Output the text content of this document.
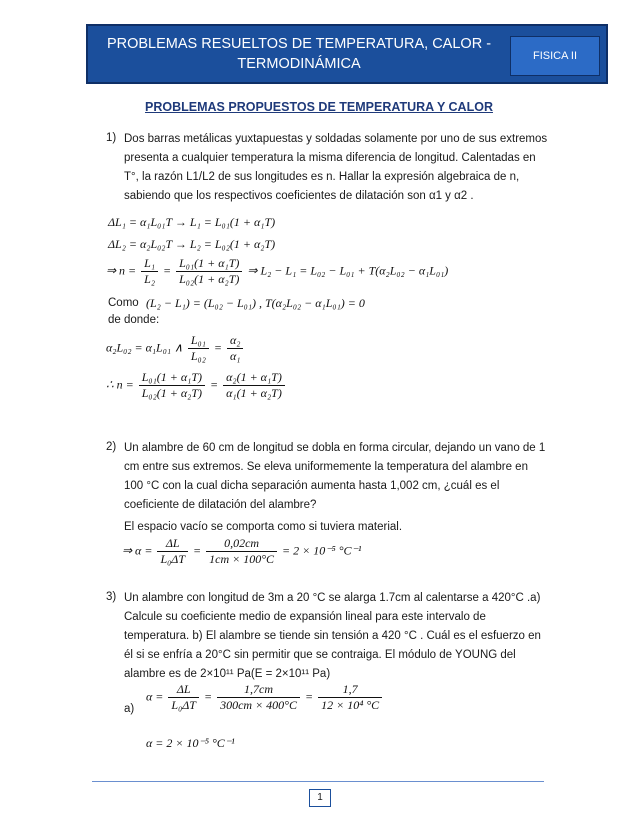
PROBLEMAS RESUELTOS DE TEMPERATURA, CALOR - TERMODINÁMICA	FISICA II
PROBLEMAS PROPUESTOS DE TEMPERATURA Y CALOR
1) Dos barras metálicas yuxtapuestas y soldadas solamente por uno de sus extremos presenta a cualquier temperatura la misma diferencia de longitud. Calentadas en T°, la razón L1/L2 de sus longitudes es n. Hallar la expresión algebraica de n, sabiendo que los respectivos coeficientes de dilatación son α1 y α2 .
ΔL₁ = α₁L₀₁T → L₁ = L₀₁(1 + α₁T)
ΔL₂ = α₂L₀₂T → L₂ = L₀₂(1 + α₂T)
⇒ $n = \frac{\text{L₁}}{\text{L₂}} = \frac{\text{L₀₁(1 + α₁T)}}{\text{L₀₂(1 + α₂T)}}$ ⇒ L₂ − L₁ = L₀₂ − L₀₁ + T(α₂L₀₂ − α₁L₀₁)
Como (L₂ − L₁) = (L₀₂ − L₀₁) , T(α₂L₀₂ − α₁L₀₁) = 0
de donde:
α₂L₀₂ = α₁L₀₁ ∧ $\frac{\text{L₀₁}}{\text{L₀₂}} = \frac{\text{α₂}}{\text{α₁}}$
∴ $n = \frac{\text{L₀₁(1 + α₁T)}}{\text{L₀₂(1 + α₂T)}} = \frac{\text{α₂(1 + α₁T)}}{\text{α₁(1 + α₂T)}}$
2) Un alambre de 60 cm de longitud se dobla en forma circular, dejando un vano de 1 cm entre sus extremos. Se eleva uniformemente la temperatura del alambre en 100 °C con la cual dicha separación aumenta hasta 1,002 cm, ¿cuál es el coeficiente de dilatación del alambre?
El espacio vacío se comporta como si tuviera material.
⇒ $\alpha = \frac{\Delta L}{\text{L₀ΔT}} = \frac{0,02cm}{1cm \times 100^\circ C} = 2 \times 10^{-5}$ °C⁻¹
3) Un alambre con longitud de 3m a 20 °C se alarga 1.7cm al calentarse a 420°C .a) Calcule su coeficiente medio de expansión lineal para este intervalo de temperatura. b) El alambre se tiende sin tensión a 420 °C . Cuál es el esfuerzo en él si se enfría a 20°C sin permitir que se contraiga. El módulo de YOUNG del alambre es de 2×10¹¹ Pa(E = 2×10¹¹ Pa)
a)
$\alpha = \frac{\Delta L}{\text{L₀ΔT}} = \frac{1,7cm}{300cm \times 400^\circ C} = \frac{1,7}{\text{12 × 10⁴ °C}}$
α = 2 × 10⁻⁵ °C⁻¹
1
